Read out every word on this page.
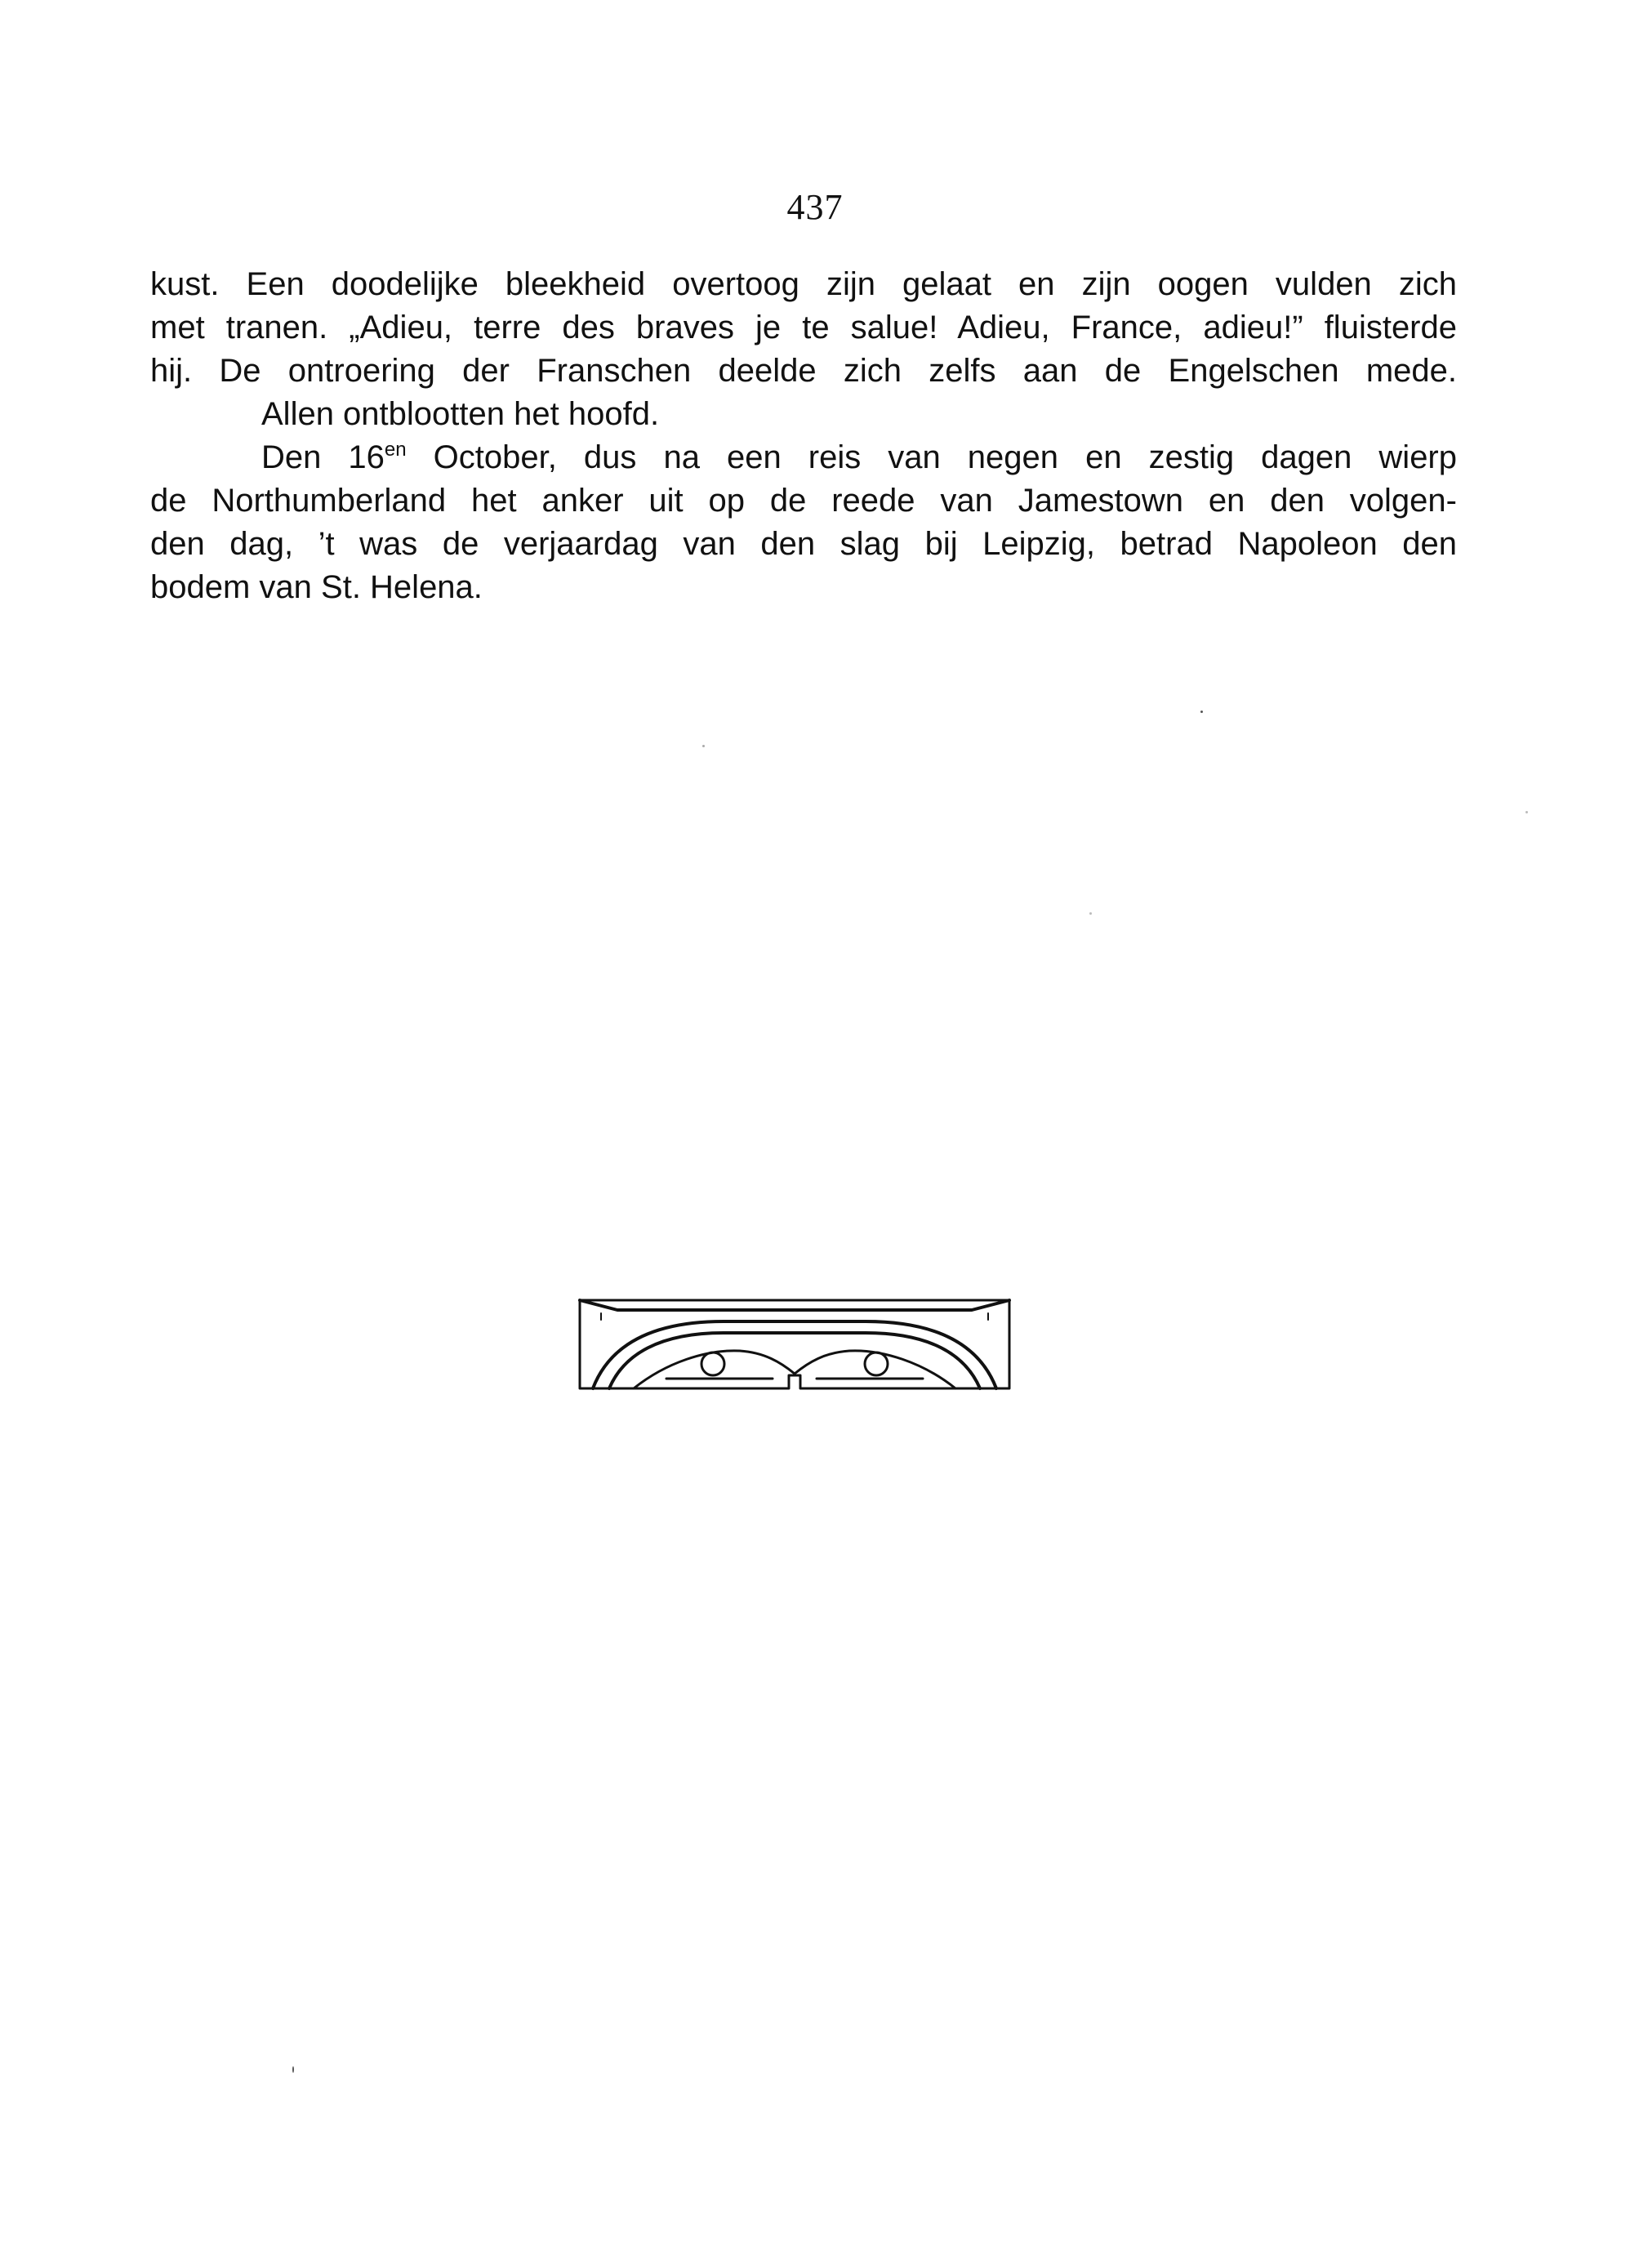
437
kust. Een doodelijke bleekheid overtoog zijn gelaat en zijn oogen vulden zich
met tranen. „Adieu, terre des braves je te salue! Adieu, France, adieu!” fluisterde
hij. De ontroering der Franschen deelde zich zelfs aan de Engelschen mede.
Allen ontblootten het hoofd.
Den $16^{en}$ October, dus na een reis van negen en zestig dagen wierp
de Northumberland het anker uit op de reede van Jamestown en den volgen-
den dag, ’t was de verjaardag van den slag bij Leipzig, betrad Napoleon den
bodem van St. Helena.
